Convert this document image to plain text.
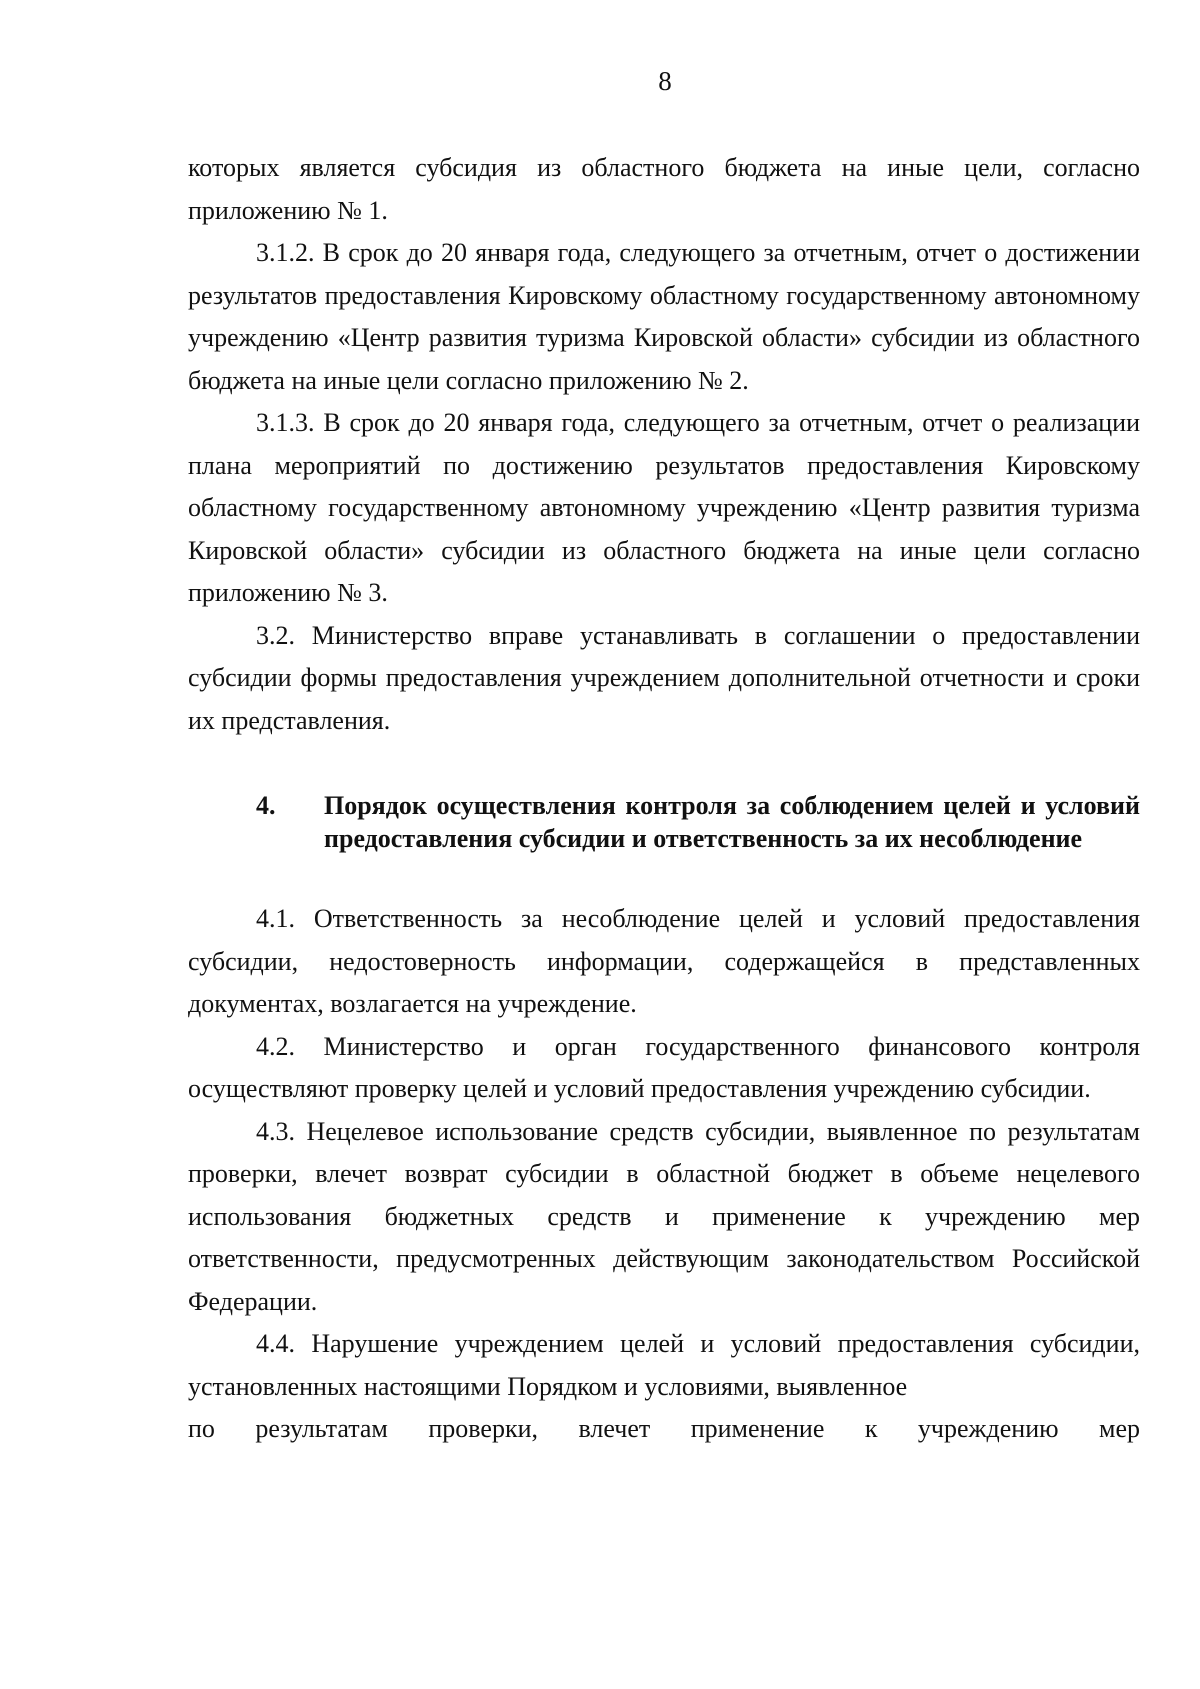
8

которых является субсидия из областного бюджета на иные цели, согласно приложению № 1.

3.1.2. В срок до 20 января года, следующего за отчетным, отчет о достижении результатов предоставления Кировскому областному государственному автономному учреждению «Центр развития туризма Кировской области» субсидии из областного бюджета на иные цели согласно приложению № 2.

3.1.3. В срок до 20 января года, следующего за отчетным, отчет о реализации плана мероприятий по достижению результатов предоставления Кировскому областному государственному автономному учреждению «Центр развития туризма Кировской области» субсидии из областного бюджета на иные цели согласно приложению № 3.

3.2. Министерство вправе устанавливать в соглашении о предоставлении субсидии формы предоставления учреждением дополнительной отчетности и сроки их представления.

4.	Порядок осуществления контроля за соблюдением целей и условий предоставления субсидии и ответственность за их несоблюдение

4.1. Ответственность за несоблюдение целей и условий предоставления субсидии, недостоверность информации, содержащейся в представленных документах, возлагается на учреждение.

4.2. Министерство и орган государственного финансового контроля осуществляют проверку целей и условий предоставления учреждению субсидии.

4.3. Нецелевое использование средств субсидии, выявленное по результатам проверки, влечет возврат субсидии в областной бюджет в объеме нецелевого использования бюджетных средств и применение к учреждению мер ответственности, предусмотренных действующим законодательством Российской Федерации.

4.4. Нарушение учреждением целей и условий предоставления субсидии, установленных настоящими Порядком и условиями, выявленное

по результатам проверки, влечет применение к учреждению мер
